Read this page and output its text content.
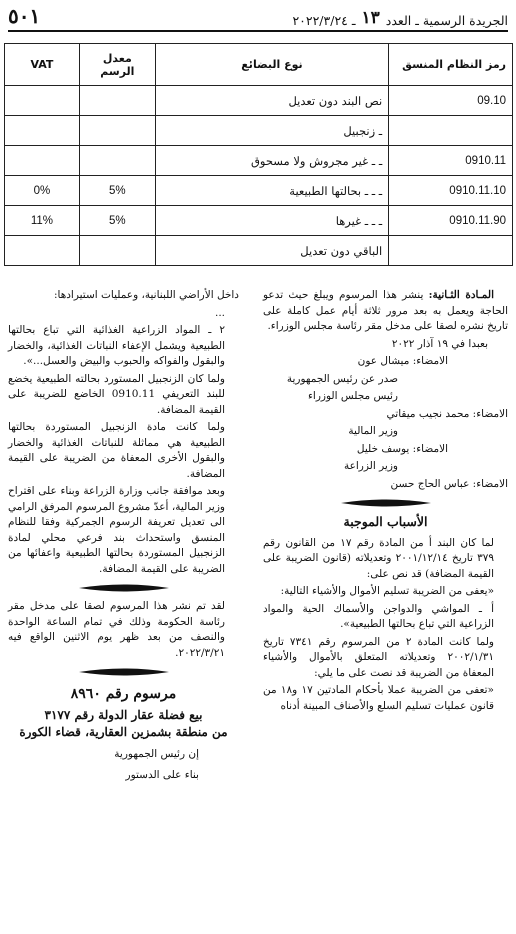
الجريدة الرسمية ـ العدد
١٣
ـ ٢٠٢٢/٣/٢٤
٥٠١
رمز النظام المنسق	نوع البضائع	معدل الرسم	VAT
09.10	نص البند دون تعديل		
	ـ زنجبيل		
0910.11	ـ ـ غير مجروش ولا مسحوق		
0910.11.10	ـ ـ ـ بحالتها الطبيعية	5%	0%
0910.11.90	ـ ـ ـ غيرها	5%	11%
	الباقي دون تعديل		

المـادة الثـانية: ينشر هذا المرسوم ويبلغ حيث تدعو الحاجة ويعمل به بعد مرور ثلاثة أيام عمل كاملة على تاريخ نشره لصقا على مدخل مقر رئاسة مجلس الوزراء.

بعبدا في ١٩ آذار ٢٠٢٢

الامضاء: ميشال عون

صدر عن رئيس الجمهورية

رئيس مجلس الوزراء

الامضاء: محمد نجيب ميقاتي

وزير المالية

الامضاء: يوسف خليل

وزير الزراعة

الامضاء: عباس الحاج حسن

الأسباب الموجبة

لما كان البند أ من المادة رقم ١٧ من القانون رقم ٣٧٩ تاريخ ٢٠٠١/١٢/١٤ وتعديلاته (قانون الضريبة على القيمة المضافة) قد نص على:

«يعفى من الضريبة تسليم الأموال والأشياء التالية:

أ ـ المواشي والدواجن والأسماك الحية والمواد الزراعية التي تباع بحالتها الطبيعية».

ولما كانت المادة ٢ من المرسوم رقم ٧٣٤١ تاريخ ٢٠٠٢/١/٣١ وتعديلاته المتعلق بالأموال والأشياء المعفاة من الضريبة قد نصت على ما يلي:

«تعفى من الضريبة عملا بأحكام المادتين ١٧ و١٨ من قانون عمليات تسليم السلع والأصناف المبينة أدناه

داخل الأراضي اللبنانية، وعمليات استيرادها:

...

٢ ـ المواد الزراعية الغذائية التي تباع بحالتها الطبيعية ويشمل الإعفاء النباتات الغذائية، والخضار والبقول والفواكه والحبوب والبيض والعسل...».

ولما كان الزنجبيل المستورد بحالته الطبيعية يخضع للبند التعريفي 0910.11 الخاضع للضريبة على القيمة المضافة.

ولما كانت مادة الزنجبيل المستوردة بحالتها الطبيعية هي مماثلة للنباتات الغذائية والخضار والبقول الأخرى المعفاة من الضريبة على القيمة المضافة.

وبعد موافقة جانب وزارة الزراعة وبناء على اقتراح وزير المالية، أعدّ مشروع المرسوم المرفق الرامي الى تعديل تعريفة الرسوم الجمركية وفقا للنظام المنسق واستحداث بند فرعي محلي لمادة الزنجبيل المستوردة بحالتها الطبيعية واعفائها من الضريبة على القيمة المضافة.

لقد تم نشر هذا المرسوم لصقا على مدخل مقر رئاسة الحكومة وذلك في تمام الساعة الواحدة والنصف من بعد ظهر يوم الاثنين الواقع فيه ٢٠٢٢/٣/٢١.

مرسوم رقم ٨٩٦٠
بيع فضلة عقار الدولة رقم ٣١٧٧
من منطقة بشمزين العقارية، قضاء الكورة

إن رئيس الجمهورية

بناء على الدستور
